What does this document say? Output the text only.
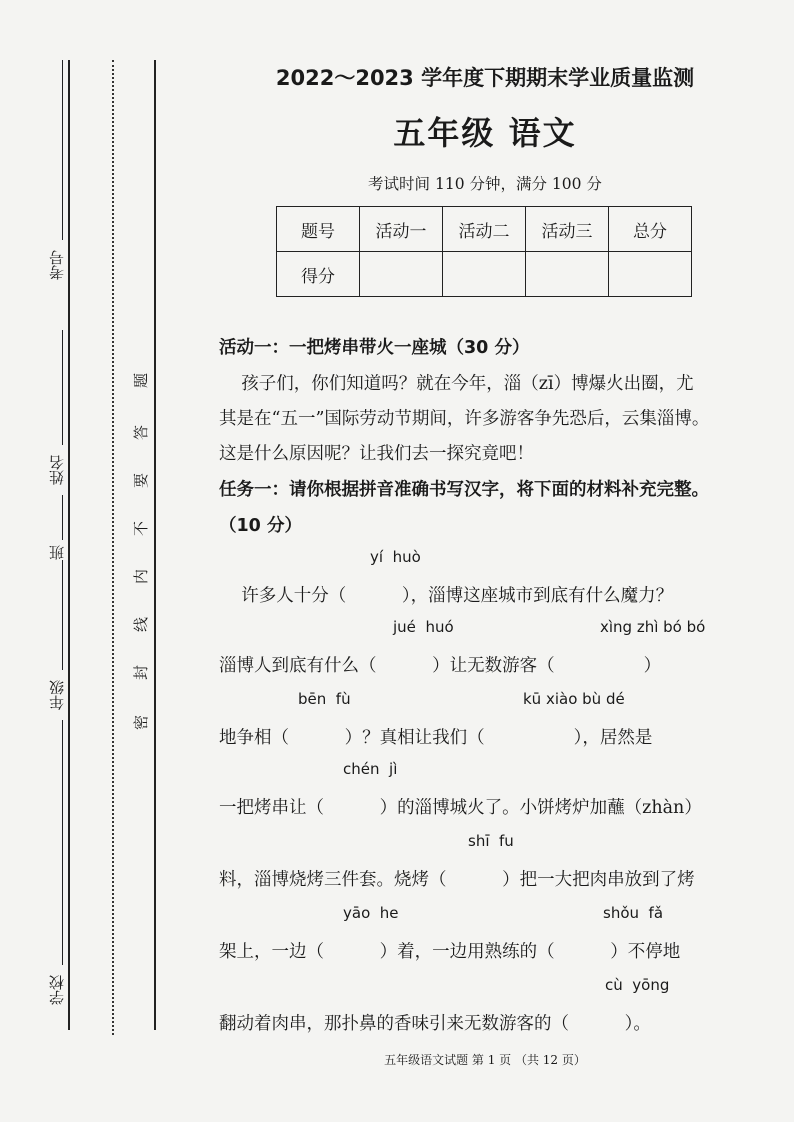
考号
姓名
班
年级
学校
题
答
要
不
内
线
封
密
2022～2023 学年度下期期末学业质量监测
五年级 语文
考试时间 110 分钟，满分 100 分
题号	活动一	活动二	活动三	总分
得分				
活动一：一把烤串带火一座城（30 分）
孩子们，你们知道吗？就在今年，淄（zī）博爆火出圈，尤
其是在“五一”国际劳动节期间，许多游客争先恐后，云集淄博。
这是什么原因呢？让我们去一探究竟吧！
任务一：请你根据拼音准确书写汉字，将下面的材料补充完整。
（10 分）
yí  huò
许多人十分（          ），淄博这座城市到底有什么魔力？
jué  huó	xìng zhì bó bó
淄博人到底有什么（          ）让无数游客（                ）
bēn  fù	kū xiào bù dé
地争相（          ）？真相让我们（                ），居然是
chén  jì
一把烤串让（          ）的淄博城火了。小饼烤炉加蘸（zhàn）
shī  fu
料，淄博烧烤三件套。烧烤（          ）把一大把肉串放到了烤
yāo  he	shǒu  fǎ
架上，一边（          ）着，一边用熟练的（          ）不停地
cù  yōng
翻动着肉串，那扑鼻的香味引来无数游客的（          ）。
五年级语文试题 第 1 页 （共 12 页）
